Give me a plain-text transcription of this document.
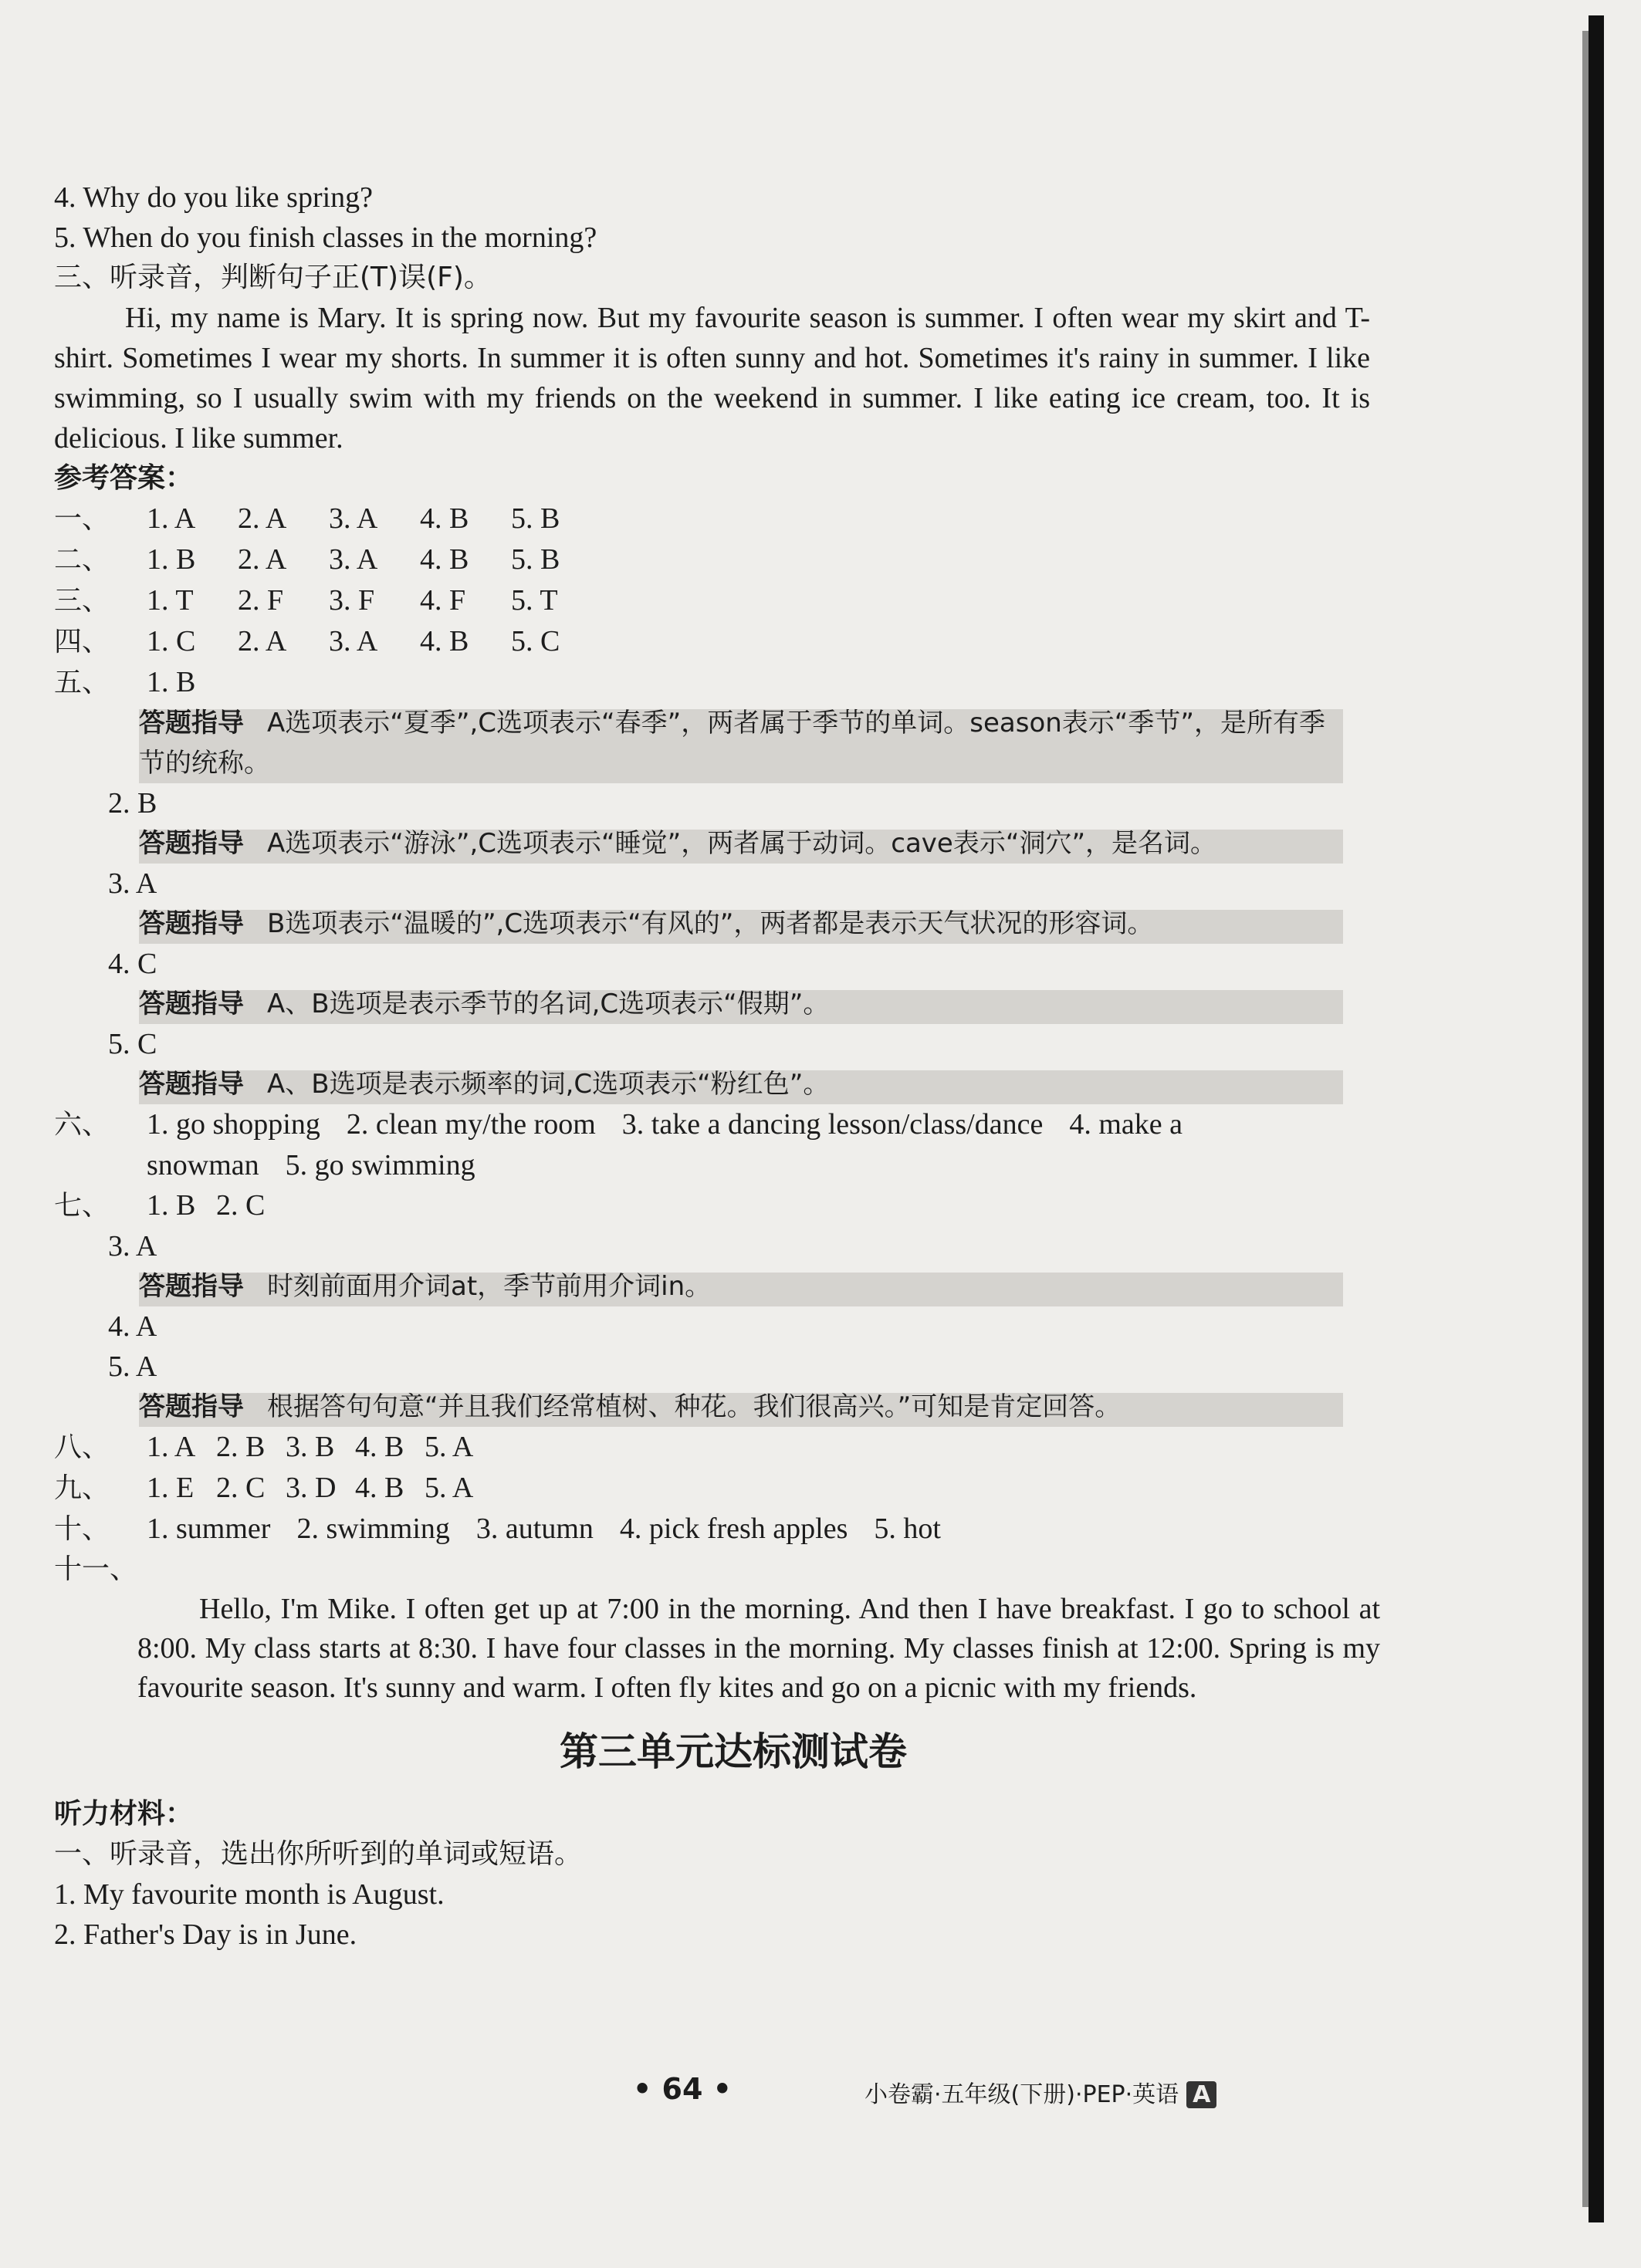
4. Why do you like spring?
5. When do you finish classes in the morning?
三、听录音，判断句子正(T)误(F)。
Hi, my name is Mary. It is spring now. But my favourite season is summer. I often wear my skirt and T-shirt. Sometimes I wear my shorts. In summer it is often sunny and hot. Sometimes it's rainy in summer. I like swimming, so I usually swim with my friends on the weekend in summer. I like eating ice cream, too. It is delicious. I like summer.
参考答案：
一、 1. A 2. A 3. A 4. B 5. B
二、 1. B 2. A 3. A 4. B 5. B
三、 1. T 2. F 3. F 4. F 5. T
四、 1. C 2. A 3. A 4. B 5. C
五、 1. B
答题指导 A选项表示“夏季”,C选项表示“春季”，两者属于季节的单词。season表示“季节”，是所有季节的统称。
2. B
答题指导 A选项表示“游泳”,C选项表示“睡觉”，两者属于动词。cave表示“洞穴”，是名词。
3. A
答题指导 B选项表示“温暖的”,C选项表示“有风的”，两者都是表示天气状况的形容词。
4. C
答题指导 A、B选项是表示季节的名词,C选项表示“假期”。
5. C
答题指导 A、B选项是表示频率的词,C选项表示“粉红色”。
六、 1. go shopping 2. clean my/the room 3. take a dancing lesson/class/dance 4. make a
snowman 5. go swimming
七、 1. B 2. C
3. A
答题指导 时刻前面用介词at，季节前用介词in。
4. A
5. A
答题指导 根据答句句意“并且我们经常植树、种花。我们很高兴。”可知是肯定回答。
八、 1. A 2. B 3. B 4. B 5. A
九、 1. E 2. C 3. D 4. B 5. A
十、 1. summer 2. swimming 3. autumn 4. pick fresh apples 5. hot
十一、
Hello, I'm Mike. I often get up at 7:00 in the morning. And then I have breakfast. I go to school at 8:00. My class starts at 8:30. I have four classes in the morning. My classes finish at 12:00. Spring is my favourite season. It's sunny and warm. I often fly kites and go on a picnic with my friends.
第三单元达标测试卷
听力材料：
一、听录音，选出你所听到的单词或短语。
1. My favourite month is August.
2. Father's Day is in June.
• 64 •	小卷霸·五年级(下册)·PEP·英语 A
